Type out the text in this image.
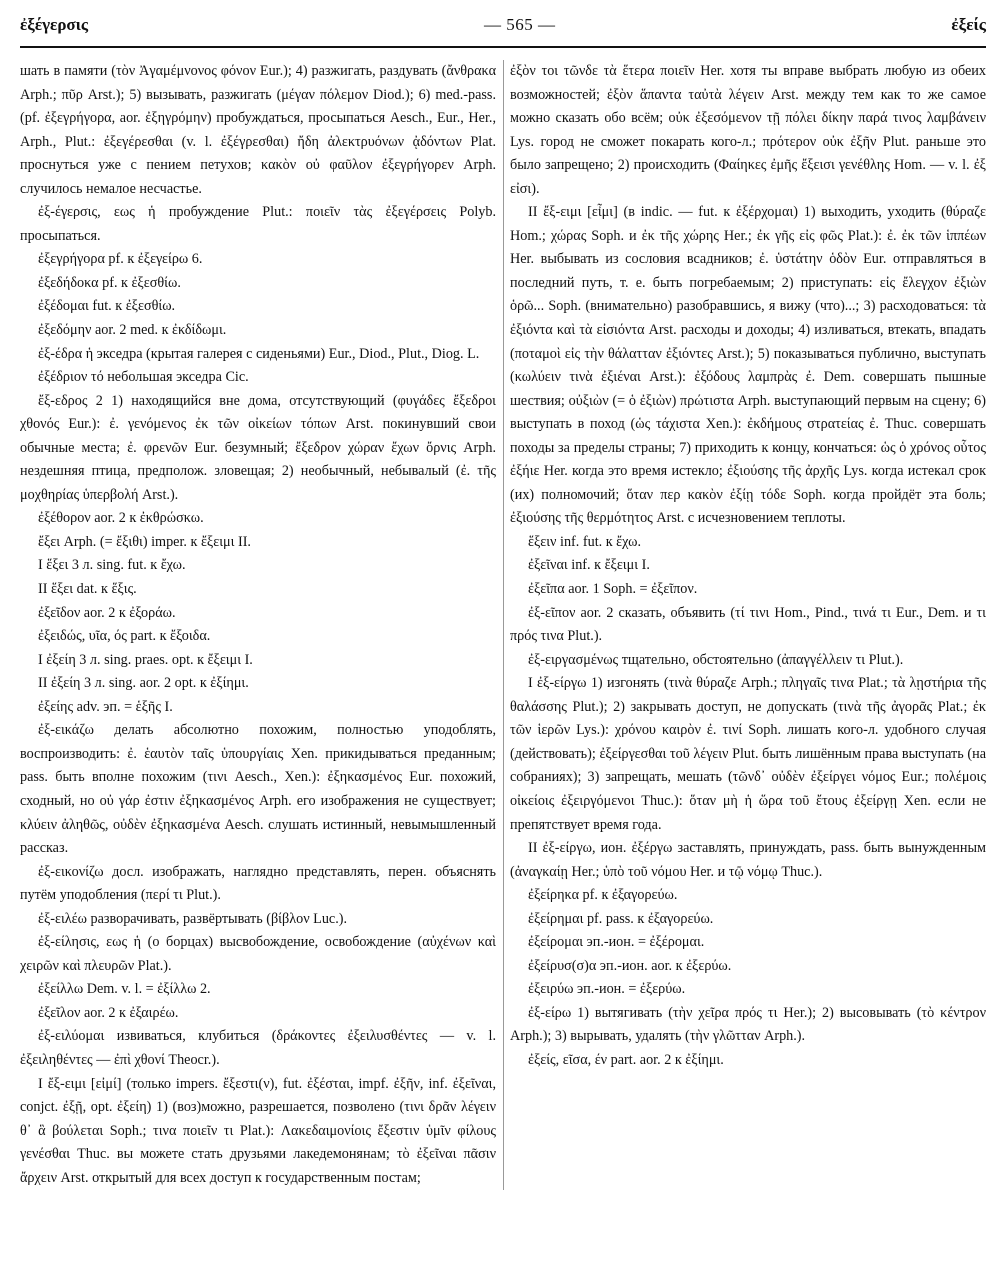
ἐξέγερσις	— 565 —	ἐξείς

шать в памяти (τὸν Ἀγαμέμνονος φόνον Eur.); 4) разжигать, раздувать (ἄνθρακα Arph.; πῦρ Arst.); 5) вызывать, разжигать (μέγαν πόλεμον Diod.); 6) med.-pass. (pf. ἐξεγρήγορα, aor. ἐξηγρόμην) пробуждаться, просыпаться Aesch., Eur., Her., Arph., Plut.: ἐξεγέρεσθαι (v. l. ἐξέγρεσθαι) ἤδη ἀλεκτρυόνων ᾀδόντων Plat. проснуться уже с пением петухов; κακὸν οὐ φαῦλον ἐξεγρήγορεν Arph. случилось немалое несчастье.

ἐξ-έγερσις, εως ἡ пробуждение Plut.: ποιεῖν τὰς ἐξεγέρσεις Polyb. просыпаться.

ἐξεγρήγορα pf. к ἐξεγείρω 6.

ἐξεδήδοκα pf. к ἐξεσθίω.

ἐξέδομαι fut. к ἐξεσθίω.

ἐξεδόμην aor. 2 med. к ἐκδίδωμι.

ἐξ-έδρα ἡ экседра (крытая галерея с сиденьями) Eur., Diod., Plut., Diog. L.

ἐξέδριον τό небольшая экседра Cic.

ἔξ-εδρος 2 1) находящийся вне дома, отсутствующий (φυγάδες ἔξεδροι χθονός Eur.): ἐ. γενόμενος ἐκ τῶν οἰκείων τόπων Arst. покинувший свои обычные места; ἐ. φρενῶν Eur. безумный; ἔξεδρον χώραν ἔχων ὄρνις Arph. нездешняя птица, предполож. зловещая; 2) необычный, небывалый (ἐ. τῆς μοχθηρίας ὑπερβολή Arst.).

ἐξέθορον aor. 2 к ἐκθρώσκω.

ἔξει Arph. (= ἔξιθι) imper. к ἔξειμι II.

I ἕξει 3 л. sing. fut. к ἔχω.

II ἕξει dat. к ἕξις.

ἐξεῖδον aor. 2 к ἐξοράω.

ἐξειδώς, υῖα, ός part. к ἔξοιδα.

I ἐξείη 3 л. sing. praes. opt. к ἔξειμι I.

II ἐξείη 3 л. sing. aor. 2 opt. к ἐξίημι.

ἐξείης adv. эп. = ἑξῆς I.

ἐξ-εικάζω делать абсолютно похожим, полностью уподоблять, воспроизводить: ἐ. ἑαυτὸν ταῖς ὑπουργίαις Xen. прикидываться преданным; pass. быть вполне похожим (τινι Aesch., Xen.): ἐξηκασμένος Eur. похожий, сходный, но οὐ γάρ ἐστιν ἐξηκασμένος Arph. его изображения не существует; κλύειν ἀληθῶς, οὐδὲν ἐξηκασμένα Aesch. слушать истинный, невымышленный рассказ.

ἐξ-εικονίζω досл. изображать, наглядно представлять, перен. объяснять путём уподобления (περί τι Plut.).

ἐξ-ειλέω разворачивать, развёртывать (βίβλον Luc.).

ἐξ-είλησις, εως ἡ (о борцах) высвобождение, освобождение (αὐχένων καὶ χειρῶν καὶ πλευρῶν Plat.).

ἐξείλλω Dem. v. l. = ἐξίλλω 2.

ἐξεῖλον aor. 2 к ἐξαιρέω.

ἐξ-ειλύομαι извиваться, клубиться (δράκοντες ἐξειλυσθέντες — v. l. ἐξειληθέντες — ἐπὶ χθονί Theocr.).

I ἔξ-ειμι [εἰμί] (только impers. ἔξεστι(ν), fut. ἐξέσται, impf. ἐξῆν, inf. ἐξεῖναι, conjct. ἐξῇ, opt. ἐξείη) 1) (воз)можно, разрешается, позволено (τινι δρᾶν λέγειν θ᾽ ἃ βούλεται Soph.; τινα ποιεῖν τι Plat.): Λακεδαιμονίοις ἔξεστιν ὑμῖν φίλους γενέσθαι Thuc. вы можете стать друзьями лакедемонянам; τὸ ἐξεῖναι πᾶσιν ἄρχειν Arst. открытый для всех доступ к государственным постам;

ἐξὸν τοι τῶνδε τὰ ἕτερα ποιεῖν Her. хотя ты вправе выбрать любую из обеих возможностей; ἐξὸν ἅπαντα ταὐτὰ λέγειν Arst. между тем как то же самое можно сказать обо всём; οὐκ ἐξεσόμενον τῇ πόλει δίκην παρά τινος λαμβάνειν Lys. город не сможет покарать кого-л.; πρότερον οὐκ ἐξῆν Plut. раньше это было запрещено; 2) происходить (Φαίηκες ἐμῆς ἔξεισι γενέθλης Hom. — v. l. ἐξ εἰσι).

II ἔξ-ειμι [εἶμι] (в indic. — fut. к ἐξέρχομαι) 1) выходить, уходить (θύραζε Hom.; χώρας Soph. и ἐκ τῆς χώρης Her.; ἐκ γῆς εἰς φῶς Plat.): ἐ. ἐκ τῶν ἱππέων Her. выбывать из сословия всадников; ἐ. ὑστάτην ὁδὸν Eur. отправляться в последний путь, т. е. быть погребаемым; 2) приступать: εἰς ἔλεγχον ἐξιὼν ὁρῶ... Soph. (внимательно) разобравшись, я вижу (что)...; 3) расходоваться: τὰ ἐξιόντα καὶ τὰ εἰσιόντα Arst. расходы и доходы; 4) изливаться, втекать, впадать (ποταμοὶ εἰς τὴν θάλατταν ἐξιόντες Arst.); 5) показываться публично, выступать (κωλύειν τινὰ ἐξιέναι Arst.): ἐξόδους λαμπρὰς ἐ. Dem. совершать пышные шествия; οὐξιὼν (= ὁ ἐξιὼν) πρώτιστα Arph. выступающий первым на сцену; 6) выступать в поход (ὡς τάχιστα Xen.): ἐκδήμους στρατείας ἐ. Thuc. совершать походы за пределы страны; 7) приходить к концу, кончаться: ὡς ὁ χρόνος οὗτος ἐξήιε Her. когда это время истекло; ἐξιούσης τῆς ἀρχῆς Lys. когда истекал срок (их) полномочий; ὅταν περ κακὸν ἐξίῃ τόδε Soph. когда пройдёт эта боль; ἐξιούσης τῆς θερμότητος Arst. с исчезновением теплоты.

ἕξειν inf. fut. к ἔχω.

ἐξεῖναι inf. к ἔξειμι I.

ἐξεῖπα aor. 1 Soph. = ἐξεῖπον.

ἐξ-εῖπον aor. 2 сказать, объявить (τί τινι Hom., Pind., τινά τι Eur., Dem. и τι πρός τινα Plut.).

ἐξ-ειργασμένως тщательно, обстоятельно (ἀπαγγέλλειν τι Plut.).

I ἐξ-είργω 1) изгонять (τινὰ θύραζε Arph.; πληγαῖς τινα Plat.; τὰ λῃστήρια τῆς θαλάσσης Plut.); 2) закрывать доступ, не допускать (τινὰ τῆς ἀγορᾶς Plat.; ἐκ τῶν ἱερῶν Lys.): χρόνου καιρὸν ἐ. τινί Soph. лишать кого-л. удобного случая (действовать); ἐξείργεσθαι τοῦ λέγειν Plut. быть лишённым права выступать (на собраниях); 3) запрещать, мешать (τῶνδ᾽ οὐδὲν ἐξείργει νόμος Eur.; πολέμοις οἰκείοις ἐξειργόμενοι Thuc.): ὅταν μὴ ἡ ὥρα τοῦ ἔτους ἐξείργῃ Xen. если не препятствует время года.

II ἐξ-είργω, ион. ἐξέργω заставлять, принуждать, pass. быть вынужденным (ἀναγκαίῃ Her.; ὑπὸ τοῦ νόμου Her. и τῷ νόμῳ Thuc.).

ἐξείρηκα pf. к ἐξαγορεύω.

ἐξείρημαι pf. pass. к ἐξαγορεύω.

ἐξείρομαι эп.-ион. = ἐξέρομαι.

ἐξείρυσ(σ)α эп.-ион. aor. к ἐξερύω.

ἐξειρύω эп.-ион. = ἐξερύω.

ἐξ-είρω 1) вытягивать (τὴν χεῖρα πρός τι Her.); 2) высовывать (τὸ κέντρον Arph.); 3) вырывать, удалять (τὴν γλῶτταν Arph.).

ἐξείς, εῖσα, έν part. aor. 2 к ἐξίημι.
